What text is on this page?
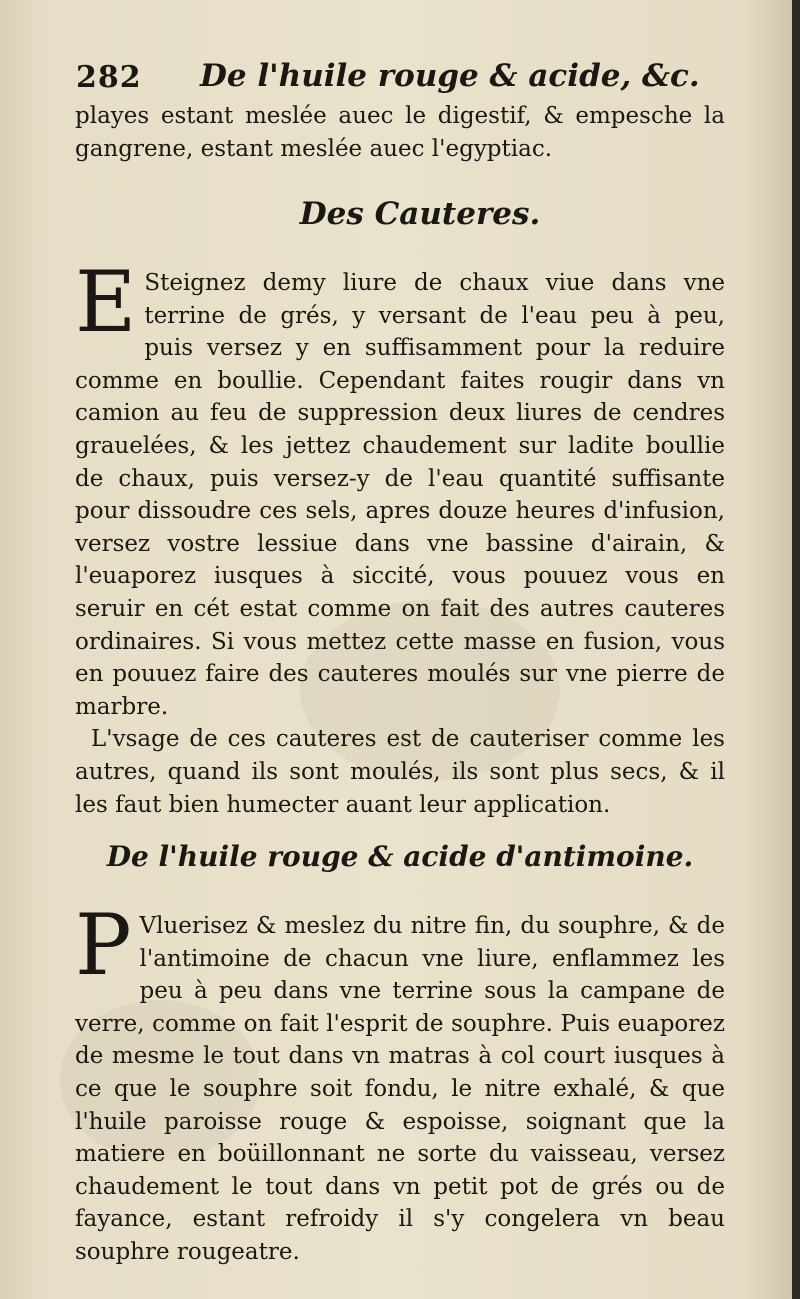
282 De l'huile rouge & acide, &c.

playes estant meslée auec le digestif, & empesche la gangrene, estant meslée auec l'egyptiac.

Des Cauteres.

E Steignez demy liure de chaux viue dans vne terrine de grés, y versant de l'eau peu à peu, puis versez y en suffisamment pour la reduire comme en boullie. Cependant faites rougir dans vn camion au feu de suppression deux liures de cendres grauelées, & les jettez chaudement sur ladite boullie de chaux, puis versez-y de l'eau quantité suffisante pour dissoudre ces sels, apres douze heures d'infusion, versez vostre lessiue dans vne bassine d'airain, & l'euaporez iusques à siccité, vous pouuez vous en seruir en cét estat comme on fait des autres cauteres ordinaires. Si vous mettez cette masse en fusion, vous en pouuez faire des cauteres moulés sur vne pierre de marbre.

L'vsage de ces cauteres est de cauteriser comme les autres, quand ils sont moulés, ils sont plus secs, & il les faut bien humecter auant leur application.

De l'huile rouge & acide d'antimoine.

P Vluerisez & meslez du nitre fin, du souphre, & de l'antimoine de chacun vne liure, enflammez les peu à peu dans vne terrine sous la campane de verre, comme on fait l'esprit de souphre. Puis euaporez de mesme le tout dans vn matras à col court iusques à ce que le souphre soit fondu, le nitre exhalé, & que l'huile paroisse rouge & espoisse, soignant que la matiere en boüillonnant ne sorte du vaisseau, versez chaudement le tout dans vn petit pot de grés ou de fayance, estant refroidy il s'y congelera vn beau souphre rougeatre.
